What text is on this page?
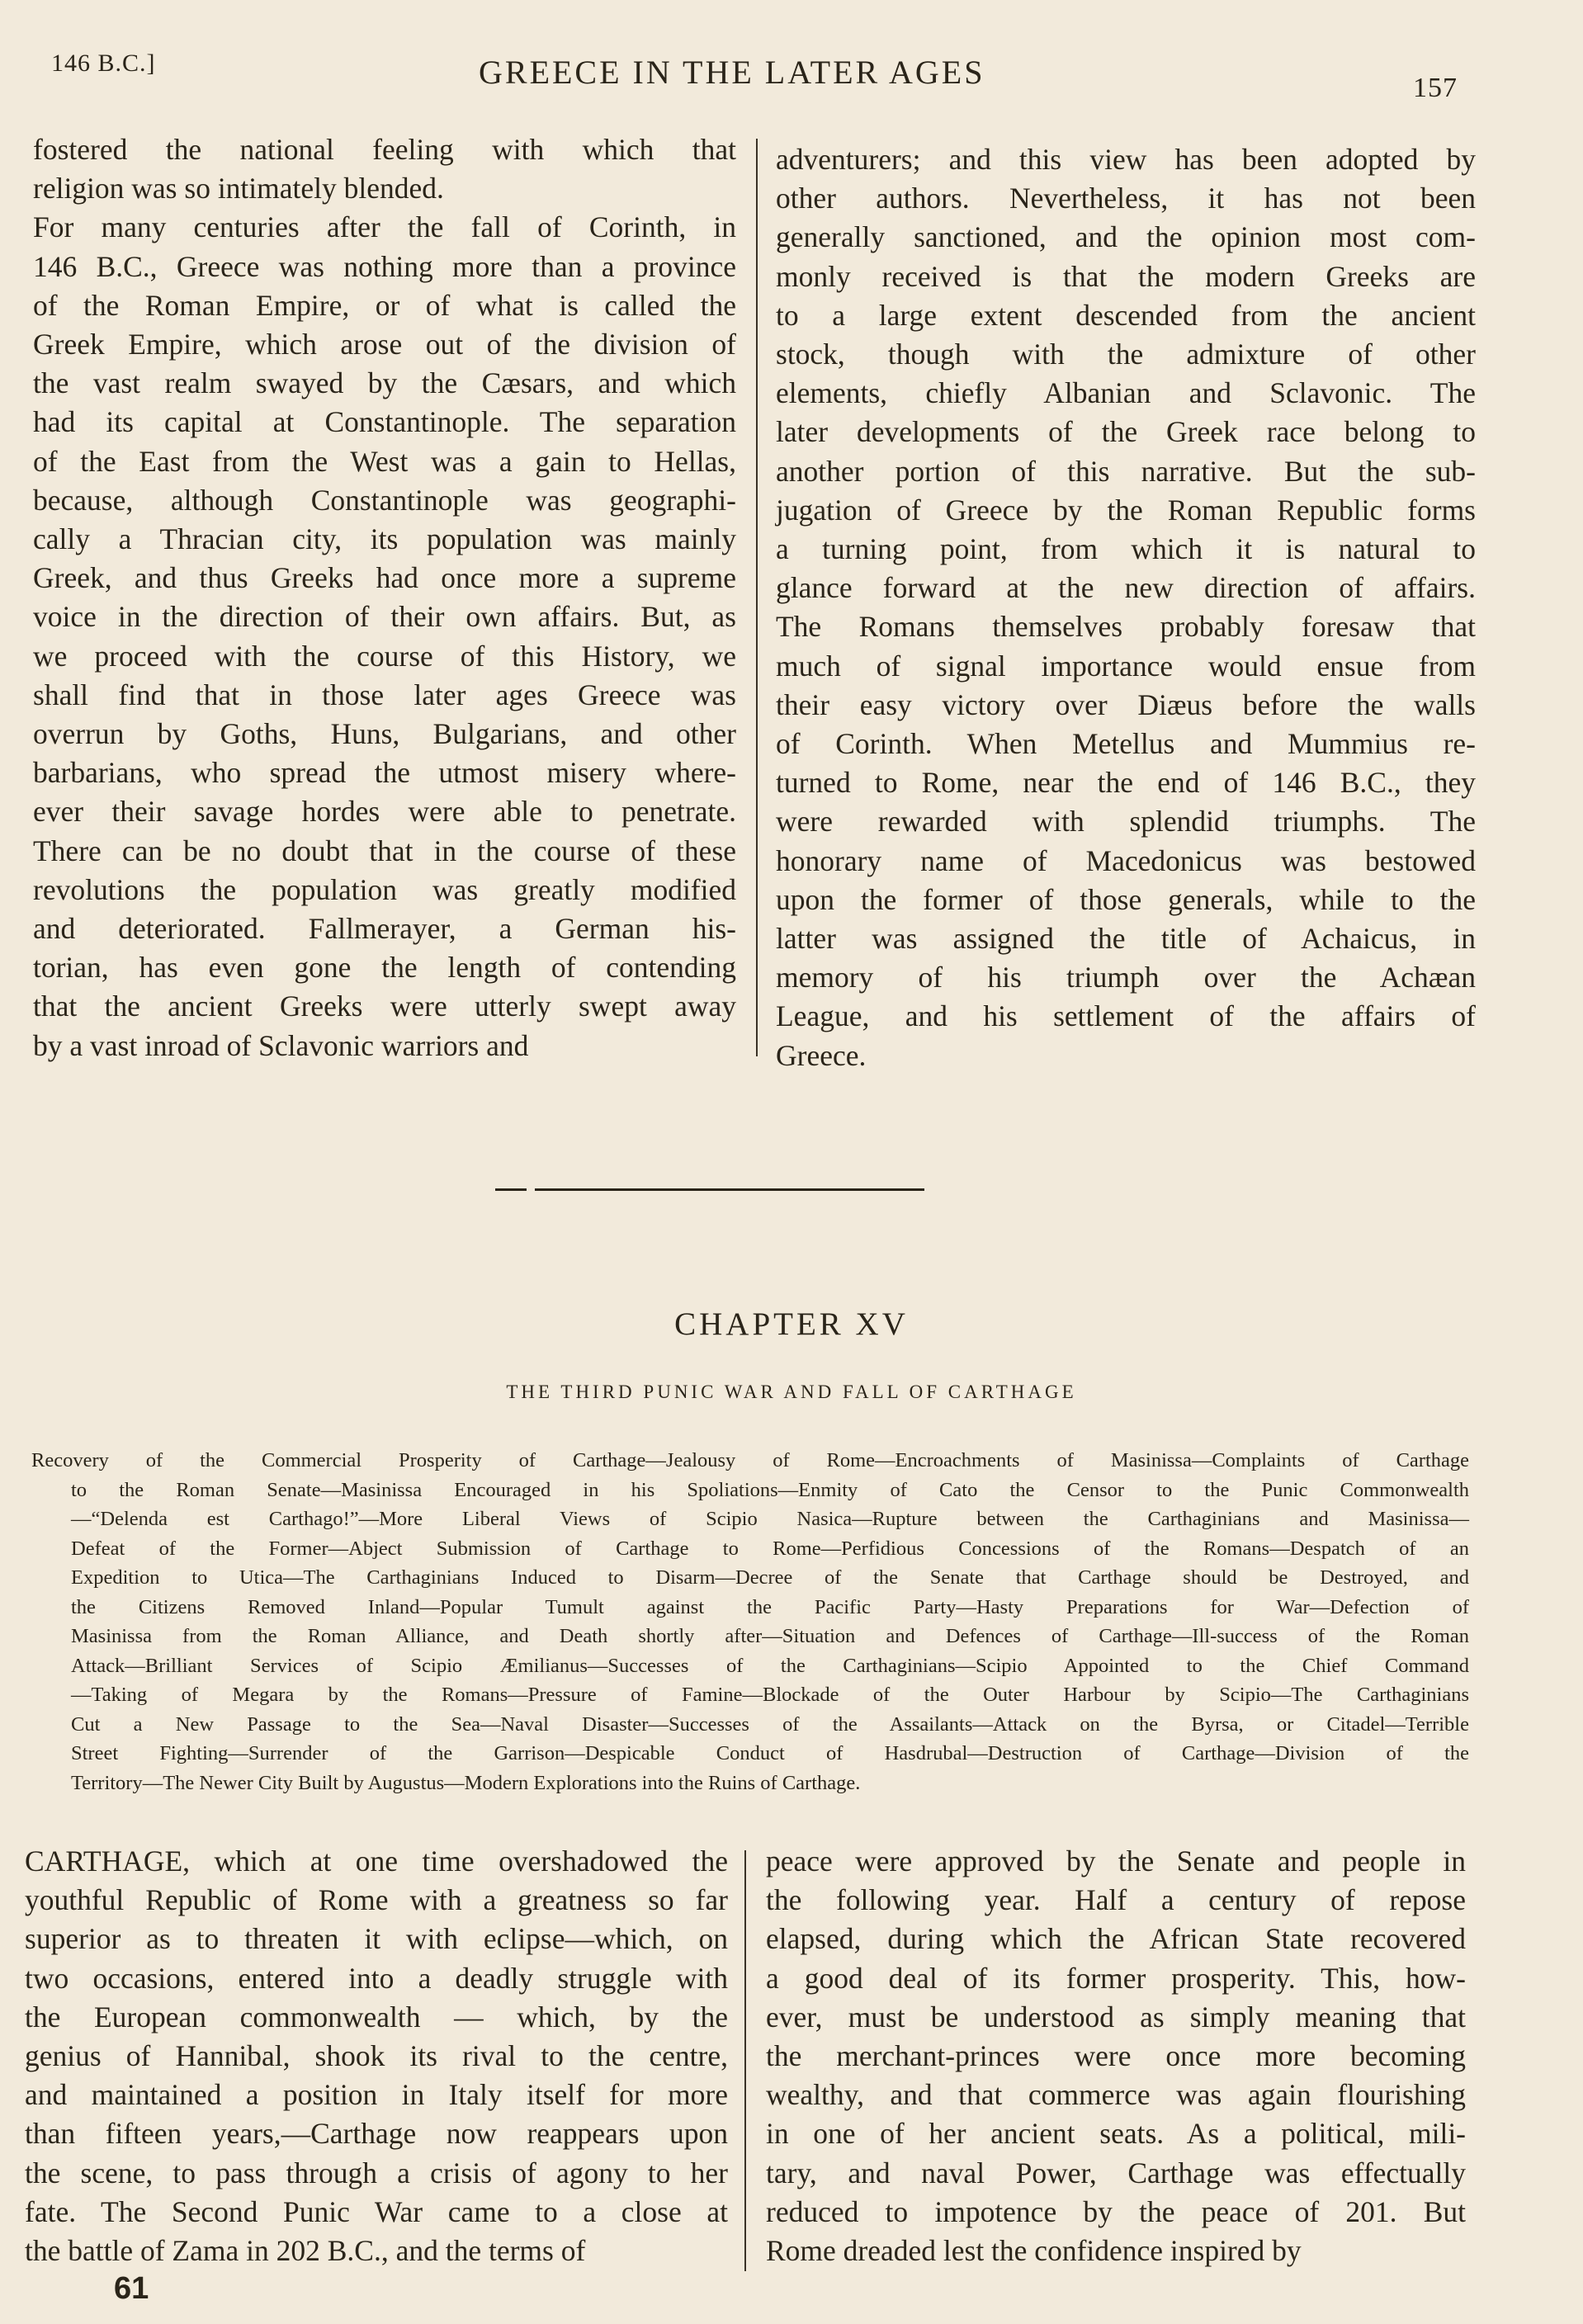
146 B.C.]	GREECE IN THE LATER AGES	157
fostered the national feeling with which that
religion was so intimately blended.
For many centuries after the fall of Corinth, in
146 B.C., Greece was nothing more than a province
of the Roman Empire, or of what is called the
Greek Empire, which arose out of the division of
the vast realm swayed by the Cæsars, and which
had its capital at Constantinople. The separation
of the East from the West was a gain to Hellas,
because, although Constantinople was geographi-
cally a Thracian city, its population was mainly
Greek, and thus Greeks had once more a supreme
voice in the direction of their own affairs. But, as
we proceed with the course of this History, we
shall find that in those later ages Greece was
overrun by Goths, Huns, Bulgarians, and other
barbarians, who spread the utmost misery where-
ever their savage hordes were able to penetrate.
There can be no doubt that in the course of these
revolutions the population was greatly modified
and deteriorated. Fallmerayer, a German his-
torian, has even gone the length of contending
that the ancient Greeks were utterly swept away
by a vast inroad of Sclavonic warriors and
adventurers; and this view has been adopted by
other authors. Nevertheless, it has not been
generally sanctioned, and the opinion most com-
monly received is that the modern Greeks are
to a large extent descended from the ancient
stock, though with the admixture of other
elements, chiefly Albanian and Sclavonic. The
later developments of the Greek race belong to
another portion of this narrative. But the sub-
jugation of Greece by the Roman Republic forms
a turning point, from which it is natural to
glance forward at the new direction of affairs.
The Romans themselves probably foresaw that
much of signal importance would ensue from
their easy victory over Diæus before the walls
of Corinth. When Metellus and Mummius re-
turned to Rome, near the end of 146 B.C., they
were rewarded with splendid triumphs. The
honorary name of Macedonicus was bestowed
upon the former of those generals, while to the
latter was assigned the title of Achaicus, in
memory of his triumph over the Achæan
League, and his settlement of the affairs of
Greece.
CHAPTER XV
THE THIRD PUNIC WAR AND FALL OF CARTHAGE
Recovery of the Commercial Prosperity of Carthage—Jealousy of Rome—Encroachments of Masinissa—Complaints of Carthage
to the Roman Senate—Masinissa Encouraged in his Spoliations—Enmity of Cato the Censor to the Punic Commonwealth
—“Delenda est Carthago!”—More Liberal Views of Scipio Nasica—Rupture between the Carthaginians and Masinissa—
Defeat of the Former—Abject Submission of Carthage to Rome—Perfidious Concessions of the Romans—Despatch of an
Expedition to Utica—The Carthaginians Induced to Disarm—Decree of the Senate that Carthage should be Destroyed, and
the Citizens Removed Inland—Popular Tumult against the Pacific Party—Hasty Preparations for War—Defection of
Masinissa from the Roman Alliance, and Death shortly after—Situation and Defences of Carthage—Ill-success of the Roman
Attack—Brilliant Services of Scipio Æmilianus—Successes of the Carthaginians—Scipio Appointed to the Chief Command
—Taking of Megara by the Romans—Pressure of Famine—Blockade of the Outer Harbour by Scipio—The Carthaginians
Cut a New Passage to the Sea—Naval Disaster—Successes of the Assailants—Attack on the Byrsa, or Citadel—Terrible
Street Fighting—Surrender of the Garrison—Despicable Conduct of Hasdrubal—Destruction of Carthage—Division of the
Territory—The Newer City Built by Augustus—Modern Explorations into the Ruins of Carthage.
CARTHAGE, which at one time overshadowed the
youthful Republic of Rome with a greatness so far
superior as to threaten it with eclipse—which, on
two occasions, entered into a deadly struggle with
the European commonwealth — which, by the
genius of Hannibal, shook its rival to the centre,
and maintained a position in Italy itself for more
than fifteen years,—Carthage now reappears upon
the scene, to pass through a crisis of agony to her
fate. The Second Punic War came to a close at
the battle of Zama in 202 B.C., and the terms of
peace were approved by the Senate and people in
the following year. Half a century of repose
elapsed, during which the African State recovered
a good deal of its former prosperity. This, how-
ever, must be understood as simply meaning that
the merchant-princes were once more becoming
wealthy, and that commerce was again flourishing
in one of her ancient seats. As a political, mili-
tary, and naval Power, Carthage was effectually
reduced to impotence by the peace of 201. But
Rome dreaded lest the confidence inspired by
61
